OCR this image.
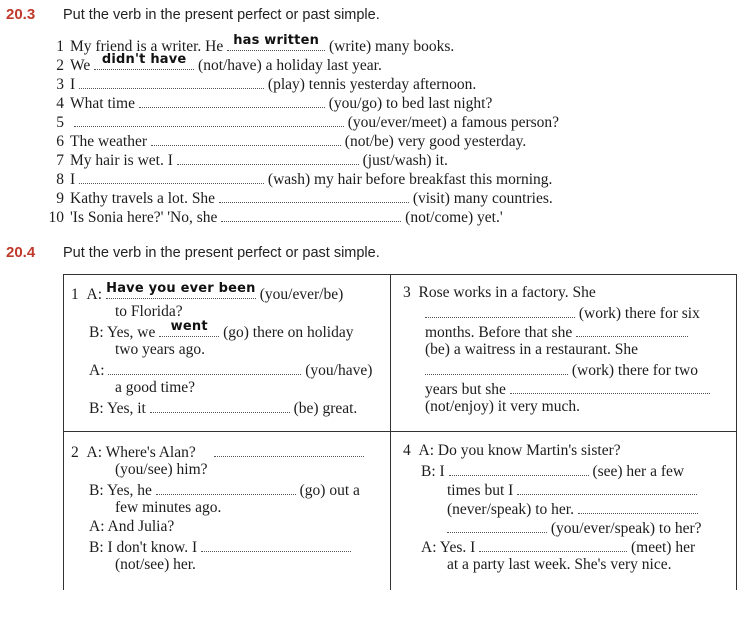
20.3 Put the verb in the present perfect or past simple.
1 My friend is a writer. He has written (write) many books.
2 We didn't have (not/have) a holiday last year.
3 I	(play) tennis yesterday afternoon.
4 What time	(you/go) to bed last night?
5	(you/ever/meet) a famous person?
6 The weather	(not/be) very good yesterday.
7 My hair is wet. I	(just/wash) it.
8 I	(wash) my hair before breakfast this morning.
9 Kathy travels a lot. She	(visit) many countries.
10 'Is Sonia here?' 'No, she	(not/come) yet.'
20.4 Put the verb in the present perfect or past simple.
1 A: Have you ever been (you/ever/be)
to Florida?
B: Yes, we	went (go) there on holiday
two years ago.
A:	(you/have)
a good time?
B: Yes, it	(be) great.
3 Rose works in a factory. She
(work) there for six
months. Before that she
(be) a waitress in a restaurant. She
(work) there for two
years but she
(not/enjoy) it very much.
2 A: Where's Alan?
(you/see) him?
B: Yes, he	(go) out a
few minutes ago.
A: And Julia?
B: I don't know. I
(not/see) her.
4 A: Do you know Martin's sister?
B: I	(see) her a few
times but I
(never/speak) to her.
(you/ever/speak) to her?
A: Yes. I	(meet) her
at a party last week. She's very nice.
